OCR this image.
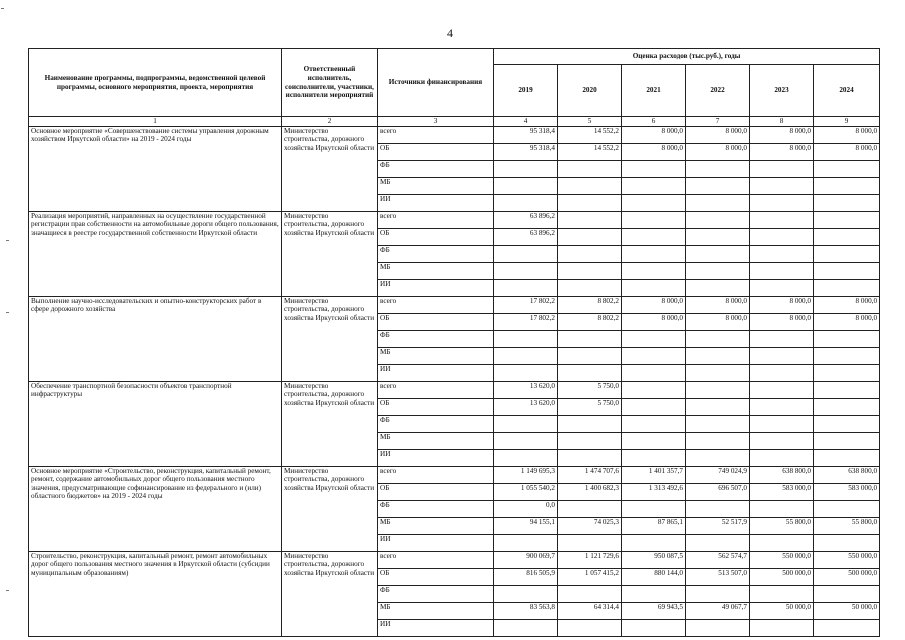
4
Наименование программы, подпрограммы, ведомственной целевой программы, основного мероприятия, проекта, мероприятия	Ответственный исполнитель, соисполнители, участники, исполнители мероприятий	Источники финансирования	Оценка расходов (тыс.руб.), годы					
			2019	2020	2021	2022	2023	2024
1	2	3	4	5	6	7	8	9
Основное мероприятие «Совершенствование системы управления дорожным хозяйством Иркутской области» на 2019 - 2024 годы	Министерство строительства, дорожного хозяйства Иркутской области	всего	95 318,4	14 552,2	8 000,0	8 000,0	8 000,0	8 000,0
		ОБ	95 318,4	14 552,2	8 000,0	8 000,0	8 000,0	8 000,0
		ФБ						
		МБ						
		ИИ						
Реализация мероприятий, направленных на осуществление государственной регистрации прав собственности на автомобильные дороги общего пользования, значащиеся в реестре государственной собственности Иркутской области	Министерство строительства, дорожного хозяйства Иркутской области	всего	63 896,2					
		ОБ	63 896,2					
		ФБ						
		МБ						
		ИИ						
Выполнение научно-исследовательских и опытно-конструкторских работ в сфере дорожного хозяйства	Министерство строительства, дорожного хозяйства Иркутской области	всего	17 802,2	8 802,2	8 000,0	8 000,0	8 000,0	8 000,0
		ОБ	17 802,2	8 802,2	8 000,0	8 000,0	8 000,0	8 000,0
		ФБ						
		МБ						
		ИИ						
Обеспечение транспортной безопасности объектов транспортной инфраструктуры	Министерство строительства, дорожного хозяйства Иркутской области	всего	13 620,0	5 750,0				
		ОБ	13 620,0	5 750,0				
		ФБ						
		МБ						
		ИИ						
Основное мероприятие «Строительство, реконструкция, капитальный ремонт, ремонт, содержание автомобильных дорог общего пользования местного значения, предусматривающие софинансирование из федерального и (или) областного бюджетов» на 2019 - 2024 годы	Министерство строительства, дорожного хозяйства Иркутской области	всего	1 149 695,3	1 474 707,6	1 401 357,7	749 024,9	638 800,0	638 800,0
		ОБ	1 055 540,2	1 400 682,3	1 313 492,6	696 507,0	583 000,0	583 000,0
		ФБ	0,0					
		МБ	94 155,1	74 025,3	87 865,1	52 517,9	55 800,0	55 800,0
		ИИ						
Строительство, реконструкция, капитальный ремонт, ремонт автомобильных дорог общего пользования местного значения в Иркутской области (субсидии муниципальным образованиям)	Министерство строительства, дорожного хозяйства Иркутской области	всего	900 069,7	1 121 729,6	950 087,5	562 574,7	550 000,0	550 000,0
		ОБ	816 505,9	1 057 415,2	880 144,0	513 507,0	500 000,0	500 000,0
		ФБ						
		МБ	83 563,8	64 314,4	69 943,5	49 067,7	50 000,0	50 000,0
		ИИ						
